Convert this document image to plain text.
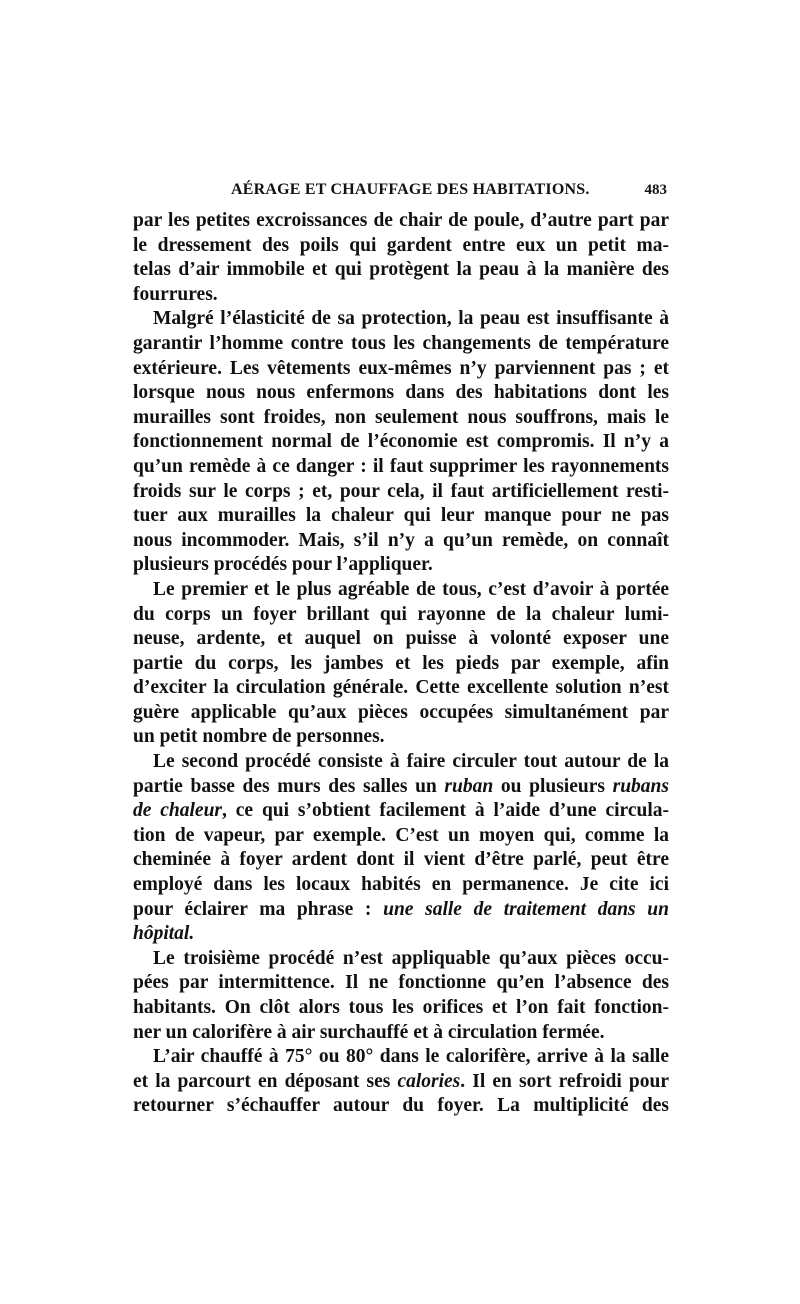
AÉRAGE ET CHAUFFAGE DES HABITATIONS.	483
par les petites excroissances de chair de poule, d’autre part par
le dressement des poils qui gardent entre eux un petit ma-
telas d’air immobile et qui protègent la peau à la manière des
fourrures.
Malgré l’élasticité de sa protection, la peau est insuffisante à
garantir l’homme contre tous les changements de température
extérieure. Les vêtements eux-mêmes n’y parviennent pas ; et
lorsque nous nous enfermons dans des habitations dont les
murailles sont froides, non seulement nous souffrons, mais le
fonctionnement normal de l’économie est compromis. Il n’y a
qu’un remède à ce danger : il faut supprimer les rayonnements
froids sur le corps ; et, pour cela, il faut artificiellement resti-
tuer aux murailles la chaleur qui leur manque pour ne pas
nous incommoder. Mais, s’il n’y a qu’un remède, on connaît
plusieurs procédés pour l’appliquer.
Le premier et le plus agréable de tous, c’est d’avoir à portée
du corps un foyer brillant qui rayonne de la chaleur lumi-
neuse, ardente, et auquel on puisse à volonté exposer une
partie du corps, les jambes et les pieds par exemple, afin
d’exciter la circulation générale. Cette excellente solution n’est
guère applicable qu’aux pièces occupées simultanément par
un petit nombre de personnes.
Le second procédé consiste à faire circuler tout autour de la
partie basse des murs des salles un ruban ou plusieurs rubans
de chaleur, ce qui s’obtient facilement à l’aide d’une circula-
tion de vapeur, par exemple. C’est un moyen qui, comme la
cheminée à foyer ardent dont il vient d’être parlé, peut être
employé dans les locaux habités en permanence. Je cite ici
pour éclairer ma phrase : une salle de traitement dans un
hôpital.
Le troisième procédé n’est appliquable qu’aux pièces occu-
pées par intermittence. Il ne fonctionne qu’en l’absence des
habitants. On clôt alors tous les orifices et l’on fait fonction-
ner un calorifère à air surchauffé et à circulation fermée.
L’air chauffé à 75° ou 80° dans le calorifère, arrive à la salle
et la parcourt en déposant ses calories. Il en sort refroidi pour
retourner s’échauffer autour du foyer. La multiplicité des
